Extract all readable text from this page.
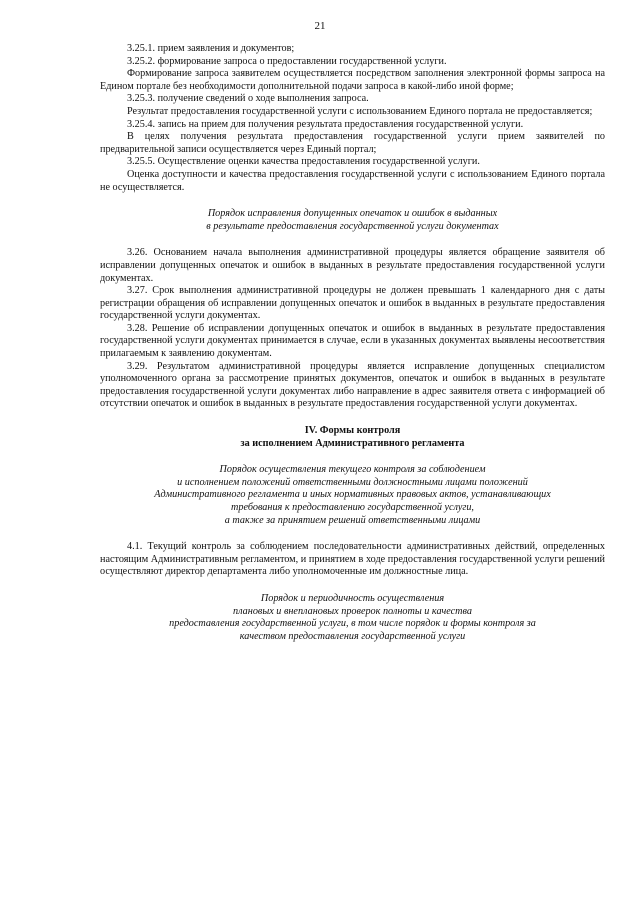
21

3.25.1. прием заявления и документов;

3.25.2. формирование запроса о предоставлении государственной услуги.

Формирование запроса заявителем осуществляется посредством заполнения электронной формы запроса на Едином портале без необходимости дополнительной подачи запроса в какой-либо иной форме;

3.25.3. получение сведений о ходе выполнения запроса.

Результат предоставления государственной услуги с использованием Единого портала не предоставляется;

3.25.4. запись на прием для получения результата предоставления государственной услуги.

В целях получения результата предоставления государственной услуги прием заявителей по предварительной записи осуществляется через Единый портал;

3.25.5. Осуществление оценки качества предоставления государственной услуги.

Оценка доступности и качества предоставления государственной услуги с использованием Единого портала не осуществляется.

Порядок исправления допущенных опечаток и ошибок в выданных
в результате предоставления государственной услуги документах

3.26. Основанием начала выполнения административной процедуры является обращение заявителя об исправлении допущенных опечаток и ошибок в выданных в результате предоставления государственной услуги документах.

3.27. Срок выполнения административной процедуры не должен превышать 1 календарного дня с даты регистрации обращения об исправлении допущенных опечаток и ошибок в выданных в результате предоставления государственной услуги документах.

3.28. Решение об исправлении допущенных опечаток и ошибок в выданных в результате предоставления государственной услуги документах принимается в случае, если в указанных документах выявлены несоответствия прилагаемым к заявлению документам.

3.29. Результатом административной процедуры является исправление допущенных специалистом уполномоченного органа за рассмотрение принятых документов, опечаток и ошибок в выданных в результате предоставления государственной услуги документах либо направление в адрес заявителя ответа с информацией об отсутствии опечаток и ошибок в выданных в результате предоставления государственной услуги документах.

IV. Формы контроля
за исполнением Административного регламента
Порядок осуществления текущего контроля за соблюдением
и исполнением положений ответственными должностными лицами положений
Административного регламента и иных нормативных правовых актов, устанавливающих
требования к предоставлению государственной услуги,
а также за принятием решений ответственными лицами

4.1. Текущий контроль за соблюдением последовательности административных действий, определенных настоящим Административным регламентом, и принятием в ходе предоставления государственной услуги решений осуществляют директор департамента либо уполномоченные им должностные лица.

Порядок и периодичность осуществления
плановых и внеплановых проверок полноты и качества
предоставления государственной услуги, в том числе порядок и формы контроля за
качеством предоставления государственной услуги
